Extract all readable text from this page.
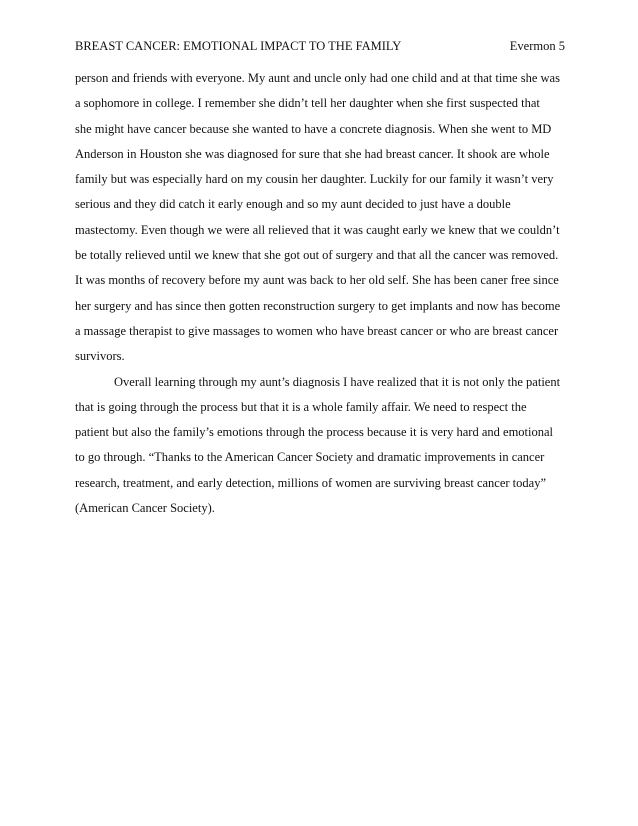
BREAST CANCER: EMOTIONAL IMPACT TO THE FAMILY	Evermon 5
person and friends with everyone. My aunt and uncle only had one child and at that time she was
a sophomore in college. I remember she didn’t tell her daughter when she first suspected that
she might have cancer because she wanted to have a concrete diagnosis. When she went to MD
Anderson in Houston she was diagnosed for sure that she had breast cancer. It shook are whole
family but was especially hard on my cousin her daughter. Luckily for our family it wasn’t very
serious and they did catch it early enough and so my aunt decided to just have a double
mastectomy. Even though we were all relieved that it was caught early we knew that we couldn’t
be totally relieved until we knew that she got out of surgery and that all the cancer was removed.
It was months of recovery before my aunt was back to her old self. She has been caner free since
her surgery and has since then gotten reconstruction surgery to get implants and now has become
a massage therapist to give massages to women who have breast cancer or who are breast cancer
survivors.
Overall learning through my aunt’s diagnosis I have realized that it is not only the patient
that is going through the process but that it is a whole family affair. We need to respect the
patient but also the family’s emotions through the process because it is very hard and emotional
to go through. “Thanks to the American Cancer Society and dramatic improvements in cancer
research, treatment, and early detection, millions of women are surviving breast cancer today”
(American Cancer Society).
